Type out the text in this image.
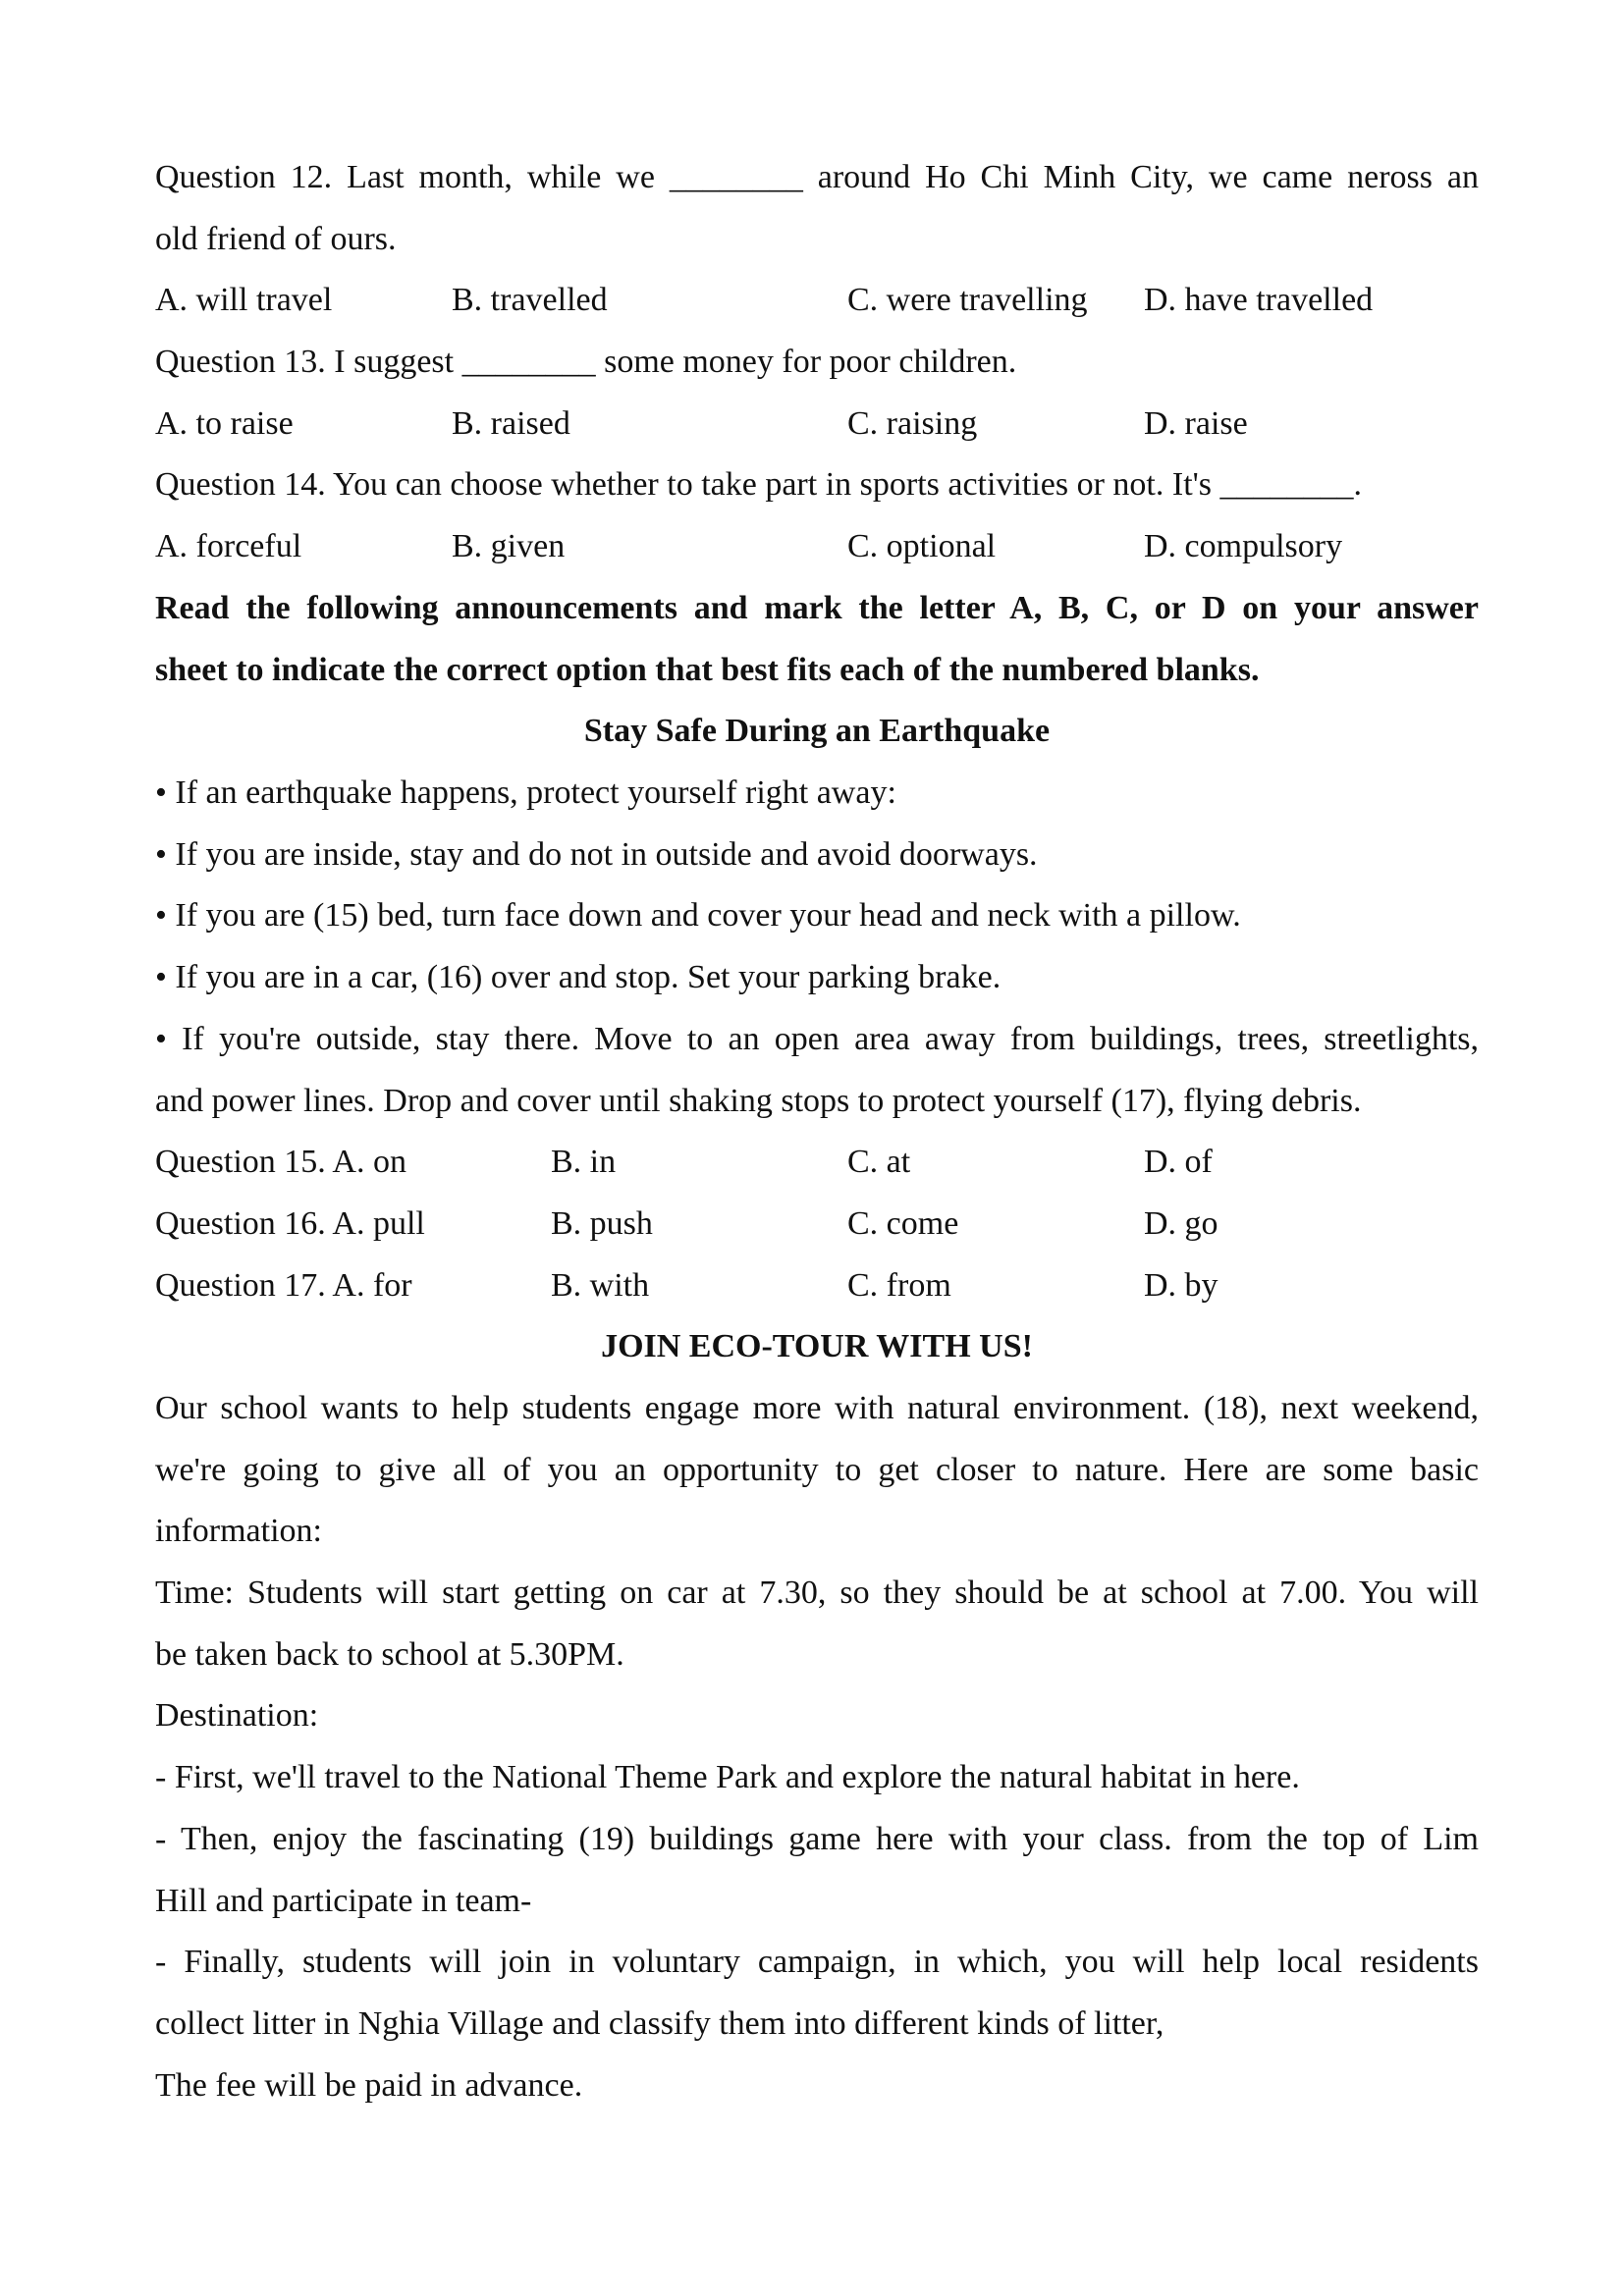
Question 12. Last month, while we ________ around Ho Chi Minh City, we came neross an
old friend of ours.
A. will travel	B. travelled	C. were travelling D. have travelled
Question 13. I suggest ________ some money for poor children.
A. to raise	B. raised	C. raising	D. raise
Question 14. You can choose whether to take part in sports activities or not. It's ________.
A. forceful	B. given	C. optional	D. compulsory
Read the following announcements and mark the letter A, B, C, or D on your answer
sheet to indicate the correct option that best fits each of the numbered blanks.
Stay Safe During an Earthquake
• If an earthquake happens, protect yourself right away:
• If you are inside, stay and do not in outside and avoid doorways.
• If you are (15) bed, turn face down and cover your head and neck with a pillow.
• If you are in a car, (16) over and stop. Set your parking brake.
• If you're outside, stay there. Move to an open area away from buildings, trees, streetlights,
and power lines. Drop and cover until shaking stops to protect yourself (17), flying debris.
Question 15. A. on	B. in	C. at	D. of
Question 16. A. pull	B. push	C. come	D. go
Question 17. A. for	B. with	C. from	D. by
JOIN ECO-TOUR WITH US!
Our school wants to help students engage more with natural environment. (18), next weekend,
we're going to give all of you an opportunity to get closer to nature. Here are some basic
information:
Time: Students will start getting on car at 7.30, so they should be at school at 7.00. You will
be taken back to school at 5.30PM.
Destination:
- First, we'll travel to the National Theme Park and explore the natural habitat in here.
- Then, enjoy the fascinating (19) buildings game here with your class. from the top of Lim
Hill and participate in team-
- Finally, students will join in voluntary campaign, in which, you will help local residents
collect litter in Nghia Village and classify them into different kinds of litter,
The fee will be paid in advance.
